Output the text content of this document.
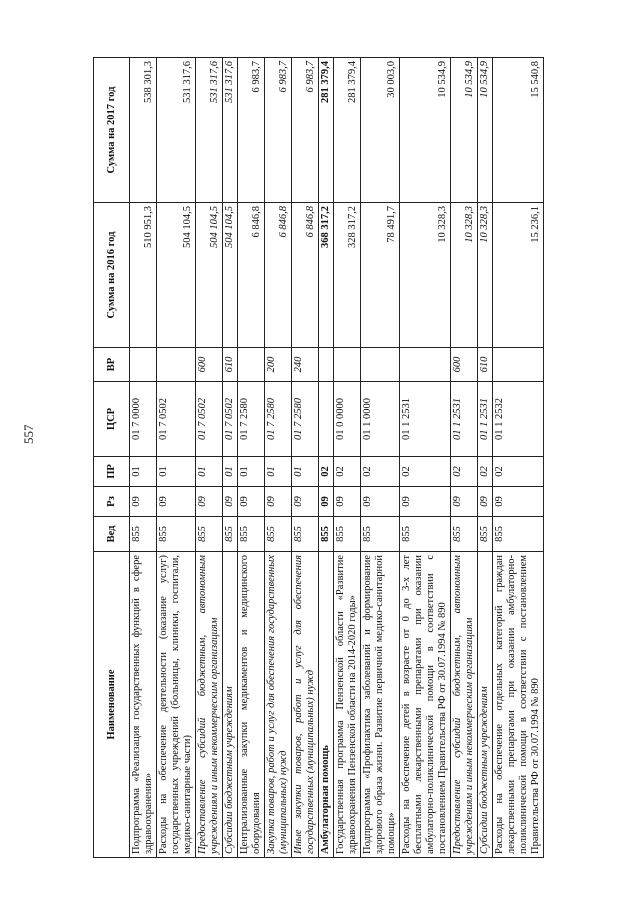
557
Наименование	Вед	Рз	ПР	ЦСР	ВР	Сумма на 2016 год	Сумма на 2017 год
Подпрограмма «Реализация государственных функций в сфере здравоохранения»	855	09	01	01 7 0000		510 951,3	538 301,3
Расходы на обеспечение деятельности (оказание услуг) государственных учреждений (больницы, клиники, госпитали, медико-санитарные части)	855	09	01	01 7 0502		504 104,5	531 317,6
Предоставление субсидий бюджетным, автономным учреждениям и иным некоммерческим организациям	855	09	01	01 7 0502	600	504 104,5	531 317,6
Субсидии бюджетным учреждениям	855	09	01	01 7 0502	610	504 104,5	531 317,6
Централизованные закупки медикаментов и медицинского оборудования	855	09	01	01 7 2580		6 846,8	6 983,7
Закупка товаров, работ и услуг для обеспечения государственных (муниципальных) нужд	855	09	01	01 7 2580	200	6 846,8	6 983,7
Иные закупки товаров, работ и услуг для обеспечения государственных (муниципальных) нужд	855	09	01	01 7 2580	240	6 846,8	6 983,7
Амбулаторная помощь	855	09	02			368 317,2	281 379,4
Государственная программа Пензенской области «Развитие здравоохранения Пензенской области на 2014-2020 годы»	855	09	02	01 0 0000		328 317,2	281 379,4
Подпрограмма «Профилактика заболеваний и формирование здорового образа жизни. Развитие первичной медико-санитарной помощи»	855	09	02	01 1 0000		78 491,7	30 003,0
Расходы на обеспечение детей в возрасте от 0 до 3-х лет бесплатными лекарственными препаратами при оказании амбулаторно-поликлинической помощи в соответствии с постановлением Правительства РФ от 30.07.1994 № 890	855	09	02	01 1 2531		10 328,3	10 534,9
Предоставление субсидий бюджетным, автономным учреждениям и иным некоммерческим организациям	855	09	02	01 1 2531	600	10 328,3	10 534,9
Субсидии бюджетным учреждениям	855	09	02	01 1 2531	610	10 328,3	10 534,9
Расходы на обеспечение отдельных категорий граждан лекарственными препаратами при оказании амбулаторно-поликлинической помощи в соответствии с постановлением Правительства РФ от 30.07.1994 № 890	855	09	02	01 1 2532		15 236,1	15 540,8
